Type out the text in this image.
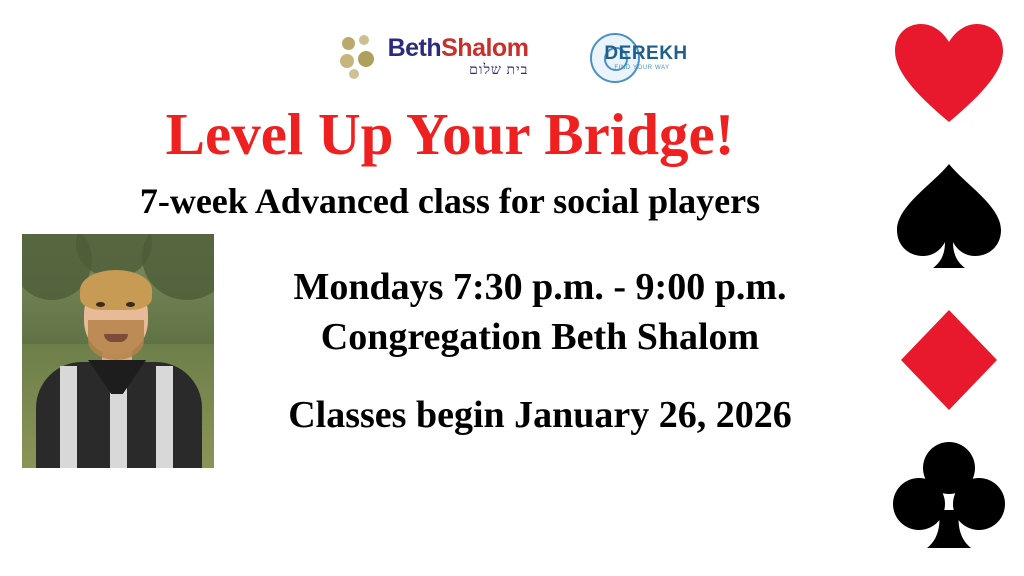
BethShalom
בית שלום
DEREKH
FIND YOUR WAY
Level Up Your Bridge!
7-week Advanced class for social players
Mondays 7:30 p.m. - 9:00 p.m.
Congregation Beth Shalom
Classes begin January 26, 2026
